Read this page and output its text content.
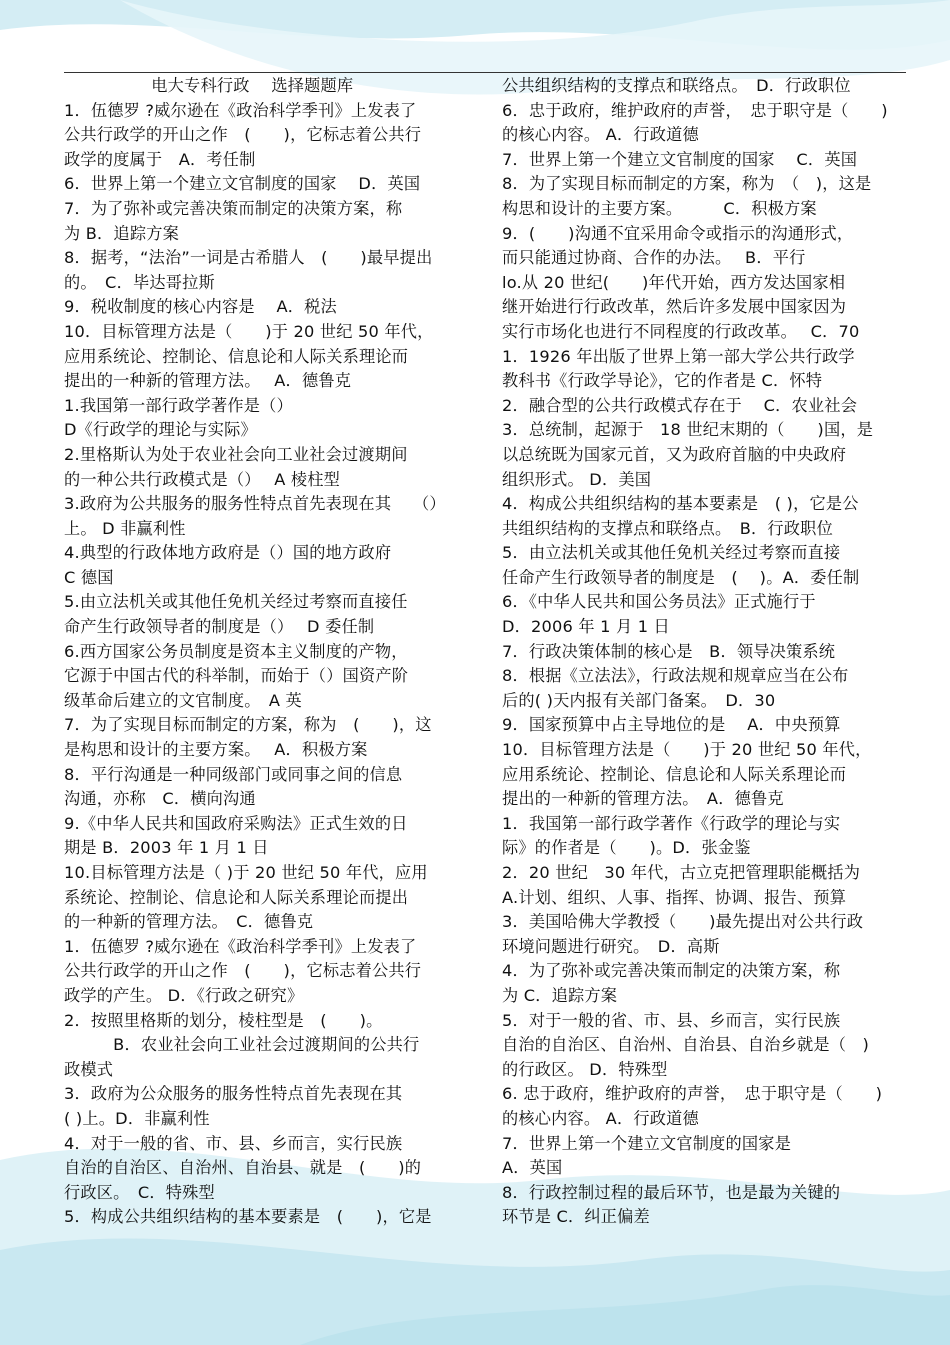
　　　　　 电大专科行政　 选择题题库
1．伍德罗 ?威尔逊在《政治科学季刊》上发表了
公共行政学的开山之作　(　　)，它标志着公共行
政学的度属于　A．考任制
6．世界上第一个建立文官制度的国家　 D．英国
7．为了弥补或完善决策而制定的决策方案，称
为 B．追踪方案
8．据考，“法治”一词是古希腊人　(　　)最早提出
的。　C．毕达哥拉斯
9．税收制度的核心内容是　 A．税法
10．目标管理方法是（　　)于 20 世纪 50 年代，
应用系统论、控制论、信息论和人际关系理论而
提出的一种新的管理方法。　 A．德鲁克
1.我国第一部行政学著作是（）
D《行政学的理论与实际》
2.里格斯认为处于农业社会向工业社会过渡期间
的一种公共行政模式是（）　 A 棱柱型
3.政府为公共服务的服务性特点首先表现在其　 （）
上。 D 非赢利性
4.典型的行政体地方政府是（）国的地方政府
C 德国
5.由立法机关或其他任免机关经过考察而直接任
命产生行政领导者的制度是（）　 D 委任制
6.西方国家公务员制度是资本主义制度的产物，
它源于中国古代的科举制，而始于（）国资产阶
级革命后建立的文官制度。　A 英
7．为了实现目标而制定的方案，称为　(　　)，这
是构思和设计的主要方案。　 A．积极方案
8．平行沟通是一种同级部门或同事之间的信息
沟通，亦称　C．横向沟通
9.《中华人民共和国政府采购法》正式生效的日
期是 B．2003 年 1 月 1 日
10.目标管理方法是（ )于 20 世纪 50 年代，应用
系统论、控制论、信息论和人际关系理论而提出
的一种新的管理方法。　C．德鲁克
1．伍德罗 ?威尔逊在《政治科学季刊》上发表了
公共行政学的开山之作　(　　)，它标志着公共行
政学的产生。 D．《行政之研究》
2．按照里格斯的划分，棱柱型是　(　　)。
　　　B．农业社会向工业社会过渡期间的公共行
政模式
3．政府为公众服务的服务性特点首先表现在其
( )上。D．非赢利性
4．对于一般的省、市、县、乡而言，实行民族
自治的自治区、自治州、自治县、就是　(　　)的
行政区。　C．特殊型
5．构成公共组织结构的基本要素是　(　　)，它是
公共组织结构的支撑点和联络点。　D．行政职位
6．忠于政府，维护政府的声誉，　忠于职守是（　　)
的核心内容。 A．行政道德
7．世界上第一个建立文官制度的国家　 C．英国
8．为了实现目标而制定的方案，称为　（　)，这是
构思和设计的主要方案。　　　C．积极方案
9．(　　)沟通不宜采用命令或指示的沟通形式，
而只能通过协商、合作的办法。　 B．平行
lo.从 20 世纪(　　)年代开始，西方发达国家相
继开始进行行政改革，然后许多发展中国家因为
实行市场化也进行不同程度的行政改革。　 C．70
1．1926 年出版了世界上第一部大学公共行政学
教科书《行政学导论》，它的作者是 C．怀特
2．融合型的公共行政模式存在于　 C．农业社会
3．总统制，起源于　18 世纪末期的（　　)国，是
以总统既为国家元首，又为政府首脑的中央政府
组织形式。 D．美国
4．构成公共组织结构的基本要素是　( )，它是公
共组织结构的支撑点和联络点。　B．行政职位
5．由立法机关或其他任免机关经过考察而直接
任命产生行政领导者的制度是　(　 )。A．委任制
6．《中华人民共和国公务员法》正式施行于
D．2006 年 1 月 1 日
7．行政决策体制的核心是　B．领导决策系统
8．根据《立法法》，行政法规和规章应当在公布
后的( )天内报有关部门备案。　D．30
9．国家预算中占主导地位的是　 A．中央预算
10．目标管理方法是（　　)于 20 世纪 50 年代，
应用系统论、控制论、信息论和人际关系理论而
提出的一种新的管理方法。　A．德鲁克
1．我国第一部行政学著作《行政学的理论与实
际》的作者是（　　)。D．张金鉴
2．20 世纪　30 年代，古立克把管理职能概括为
A.计划、组织、人事、指挥、协调、报告、预算
3．美国哈佛大学教授（　　)最先提出对公共行政
环境问题进行研究。　D．高斯
4．为了弥补或完善决策而制定的决策方案，称
为 C．追踪方案
5．对于一般的省、市、县、乡而言，实行民族
自治的自治区、自治州、自治县、自治乡就是（　)
的行政区。 D．特殊型
6. 忠于政府，维护政府的声誉，　忠于职守是（　　)
的核心内容。 A．行政道德
7．世界上第一个建立文官制度的国家是
A．英国
8．行政控制过程的最后环节，也是最为关键的
环节是 C．纠正偏差
